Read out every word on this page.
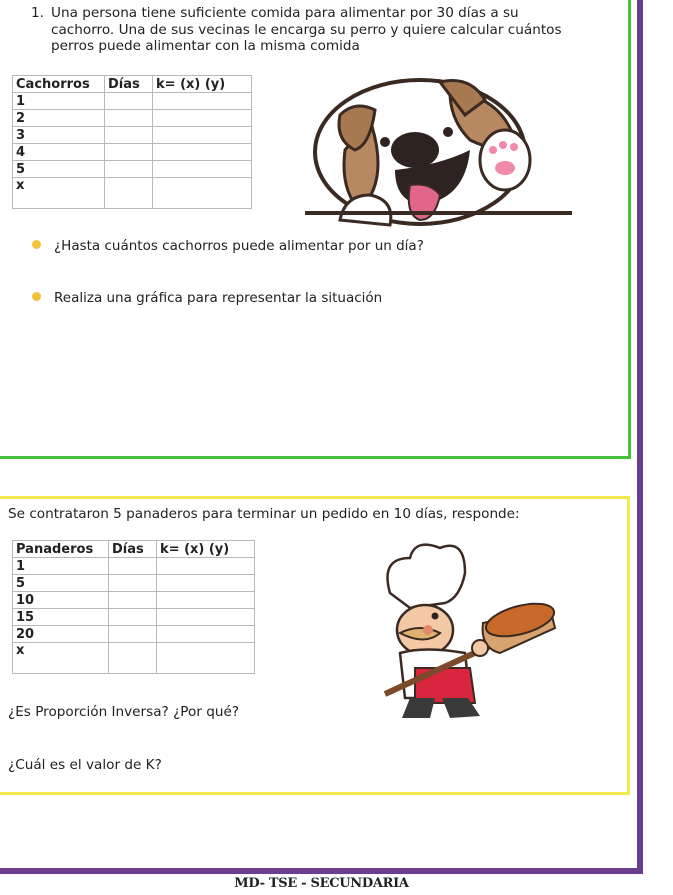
1. Una persona tiene suficiente comida para alimentar por 30 días a su
cachorro. Una de sus vecinas le encarga su perro y quiere calcular cuántos
perros puede alimentar con la misma comida
Cachorros	Días	k= (x) (y)
1		
2		
3		
4		
5		
x		
¿Hasta cuántos cachorros puede alimentar por un día?
Realiza una gráfica para representar la situación
Se contrataron 5 panaderos para terminar un pedido en 10 días, responde:
Panaderos	Días	k= (x) (y)
1		
5		
10		
15		
20		
x		
¿Es Proporción Inversa? ¿Por qué?
¿Cuál es el valor de K?
MD- TSE - SECUNDARIA
